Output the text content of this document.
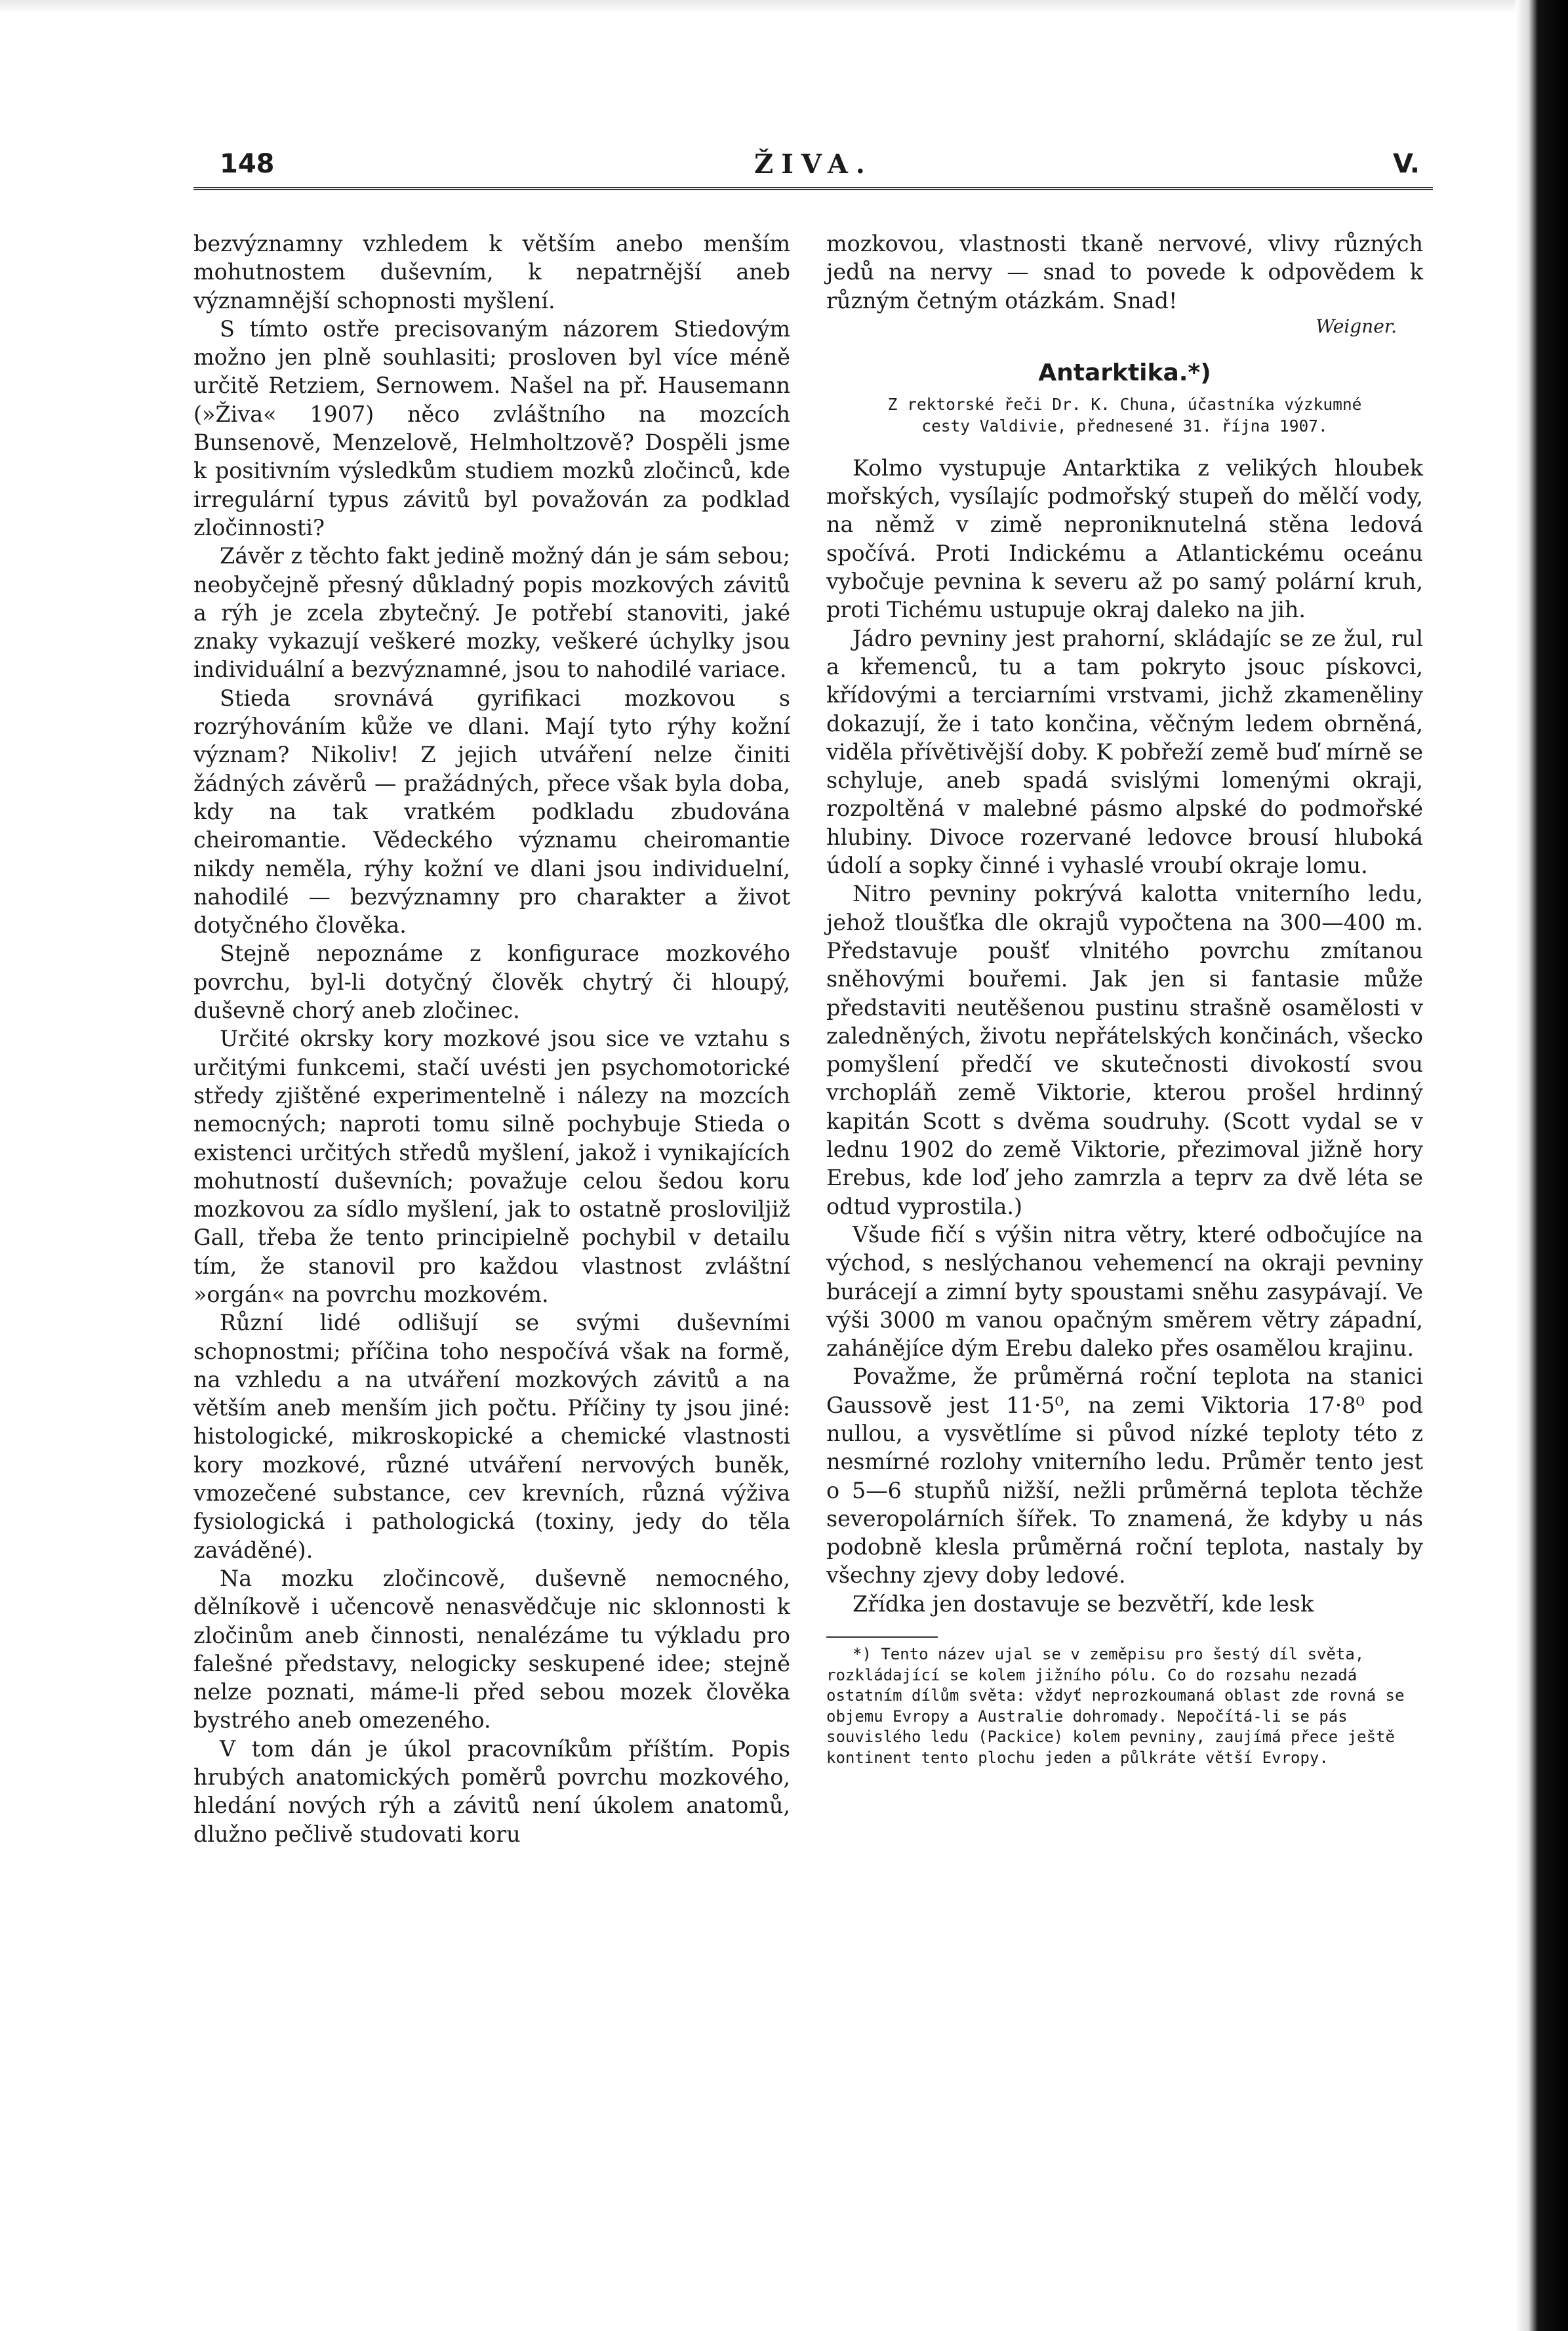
148	ŽIVA.	V.

bezvýznamny vzhledem k větším anebo menším mohutnostem duševním, k nepatrnější aneb významnější schopnosti myšlení.

S tímto ostře precisovaným názorem Stiedovým možno jen plně souhlasiti; prosloven byl více méně určitě Retziem, Sernowem. Našel na př. Hausemann (»Živa« 1907) něco zvláštního na mozcích Bunsenově, Menzelově, Helmholtzově? Dospěli jsme k positivním výsledkům studiem mozků zločinců, kde irregulární typus závitů byl považován za podklad zločinnosti?

Závěr z těchto fakt jedině možný dán je sám sebou; neobyčejně přesný důkladný popis mozkových závitů a rýh je zcela zbytečný. Je potřebí stanoviti, jaké znaky vykazují veškeré mozky, veškeré úchylky jsou individuální a bezvýznamné, jsou to nahodilé variace.

Stieda srovnává gyrifikaci mozkovou s rozrýhováním kůže ve dlani. Mají tyto rýhy kožní význam? Nikoliv! Z jejich utváření nelze činiti žádných závěrů — pražádných, přece však byla doba, kdy na tak vratkém podkladu zbudována cheiromantie. Vědeckého významu cheiromantie nikdy neměla, rýhy kožní ve dlani jsou individuelní, nahodilé — bezvýznamny pro charakter a život dotyčného člověka.

Stejně nepoznáme z konfigurace mozkového povrchu, byl-li dotyčný člověk chytrý či hloupý, duševně chorý aneb zločinec.

Určité okrsky kory mozkové jsou sice ve vztahu s určitými funkcemi, stačí uvésti jen psychomotorické středy zjištěné experimentelně i nálezy na mozcích nemocných; naproti tomu silně pochybuje Stieda o existenci určitých středů myšlení, jakož i vynikajících mohutností duševních; považuje celou šedou koru mozkovou za sídlo myšlení, jak to ostatně prosloviljiž Gall, třeba že tento principielně pochybil v detailu tím, že stanovil pro každou vlastnost zvláštní »orgán« na povrchu mozkovém.

Různí lidé odlišují se svými duševními schopnostmi; příčina toho nespočívá však na formě, na vzhledu a na utváření mozkových závitů a na větším aneb menším jich počtu. Příčiny ty jsou jiné: histologické, mikroskopické a chemické vlastnosti kory mozkové, různé utváření nervových buněk, vmozečené substance, cev krevních, různá výživa fysiologická i pathologická (toxiny, jedy do těla zaváděné).

Na mozku zločincově, duševně nemocného, dělníkově i učencově nenasvědčuje nic sklonnosti k zločinům aneb činnosti, nenalézáme tu výkladu pro falešné představy, nelogicky seskupené idee; stejně nelze poznati, máme-li před sebou mozek člověka bystrého aneb omezeného.

V tom dán je úkol pracovníkům příštím. Popis hrubých anatomických poměrů povrchu mozkového, hledání nových rýh a závitů není úkolem anatomů, dlužno pečlivě studovati koru

mozkovou, vlastnosti tkaně nervové, vlivy různých jedů na nervy — snad to povede k odpovědem k různým četným otázkám. Snad!

Weigner.

Antarktika.*)
Z rektorské řeči Dr. K. Chuna, účastníka výzkumné
cesty Valdivie, přednesené 31. října 1907.

Kolmo vystupuje Antarktika z velikých hloubek mořských, vysílajíc podmořský stupeň do mělčí vody, na němž v zimě neproniknutelná stěna ledová spočívá. Proti Indickému a Atlantickému oceánu vybočuje pevnina k severu až po samý polární kruh, proti Tichému ustupuje okraj daleko na jih.

Jádro pevniny jest prahorní, skládajíc se ze žul, rul a křemenců, tu a tam pokryto jsouc pískovci, křídovými a terciarními vrstvami, jichž zkameněliny dokazují, že i tato končina, věčným ledem obrněná, viděla přívětivější doby. K pobřeží země buď mírně se schyluje, aneb spadá svislými lomenými okraji, rozpoltěná v malebné pásmo alpské do podmořské hlubiny. Divoce rozervané ledovce brousí hluboká údolí a sopky činné i vyhaslé vroubí okraje lomu.

Nitro pevniny pokrývá kalotta vniterního ledu, jehož tloušťka dle okrajů vypočtena na 300—400 m. Představuje poušť vlnitého povrchu zmítanou sněhovými bouřemi. Jak jen si fantasie může představiti neutěšenou pustinu strašně osamělosti v zaledněných, životu nepřátelských končinách, všecko pomyšlení předčí ve skutečnosti divokostí svou vrchopláň země Viktorie, kterou prošel hrdinný kapitán Scott s dvěma soudruhy. (Scott vydal se v lednu 1902 do země Viktorie, přezimoval jižně hory Erebus, kde loď jeho zamrzla a teprv za dvě léta se odtud vyprostila.)

Všude fičí s výšin nitra větry, které odbočujíce na východ, s neslýchanou vehemencí na okraji pevniny burácejí a zimní byty spoustami sněhu zasypávají. Ve výši 3000 m vanou opačným směrem větry západní, zahánějíce dým Erebu daleko přes osamělou krajinu.

Považme, že průměrná roční teplota na stanici Gaussově jest 11·5⁰, na zemi Viktoria 17·8⁰ pod nullou, a vysvětlíme si původ nízké teploty této z nesmírné rozlohy vniterního ledu. Průměr tento jest o 5—6 stupňů nižší, nežli průměrná teplota těchže severopolárních šířek. To znamená, že kdyby u nás podobně klesla průměrná roční teplota, nastaly by všechny zjevy doby ledové.

Zřídka jen dostavuje se bezvětří, kde lesk

*) Tento název ujal se v zeměpisu pro šestý díl světa, rozkládající se kolem jižního pólu. Co do rozsahu nezadá ostatním dílům světa: vždyť neprozkoumaná oblast zde rovná se objemu Evropy a Australie dohromady. Nepočítá-li se pás souvislého ledu (Packice) kolem pevniny, zaujímá přece ještě kontinent tento plochu jeden a půlkráte větší Evropy.
